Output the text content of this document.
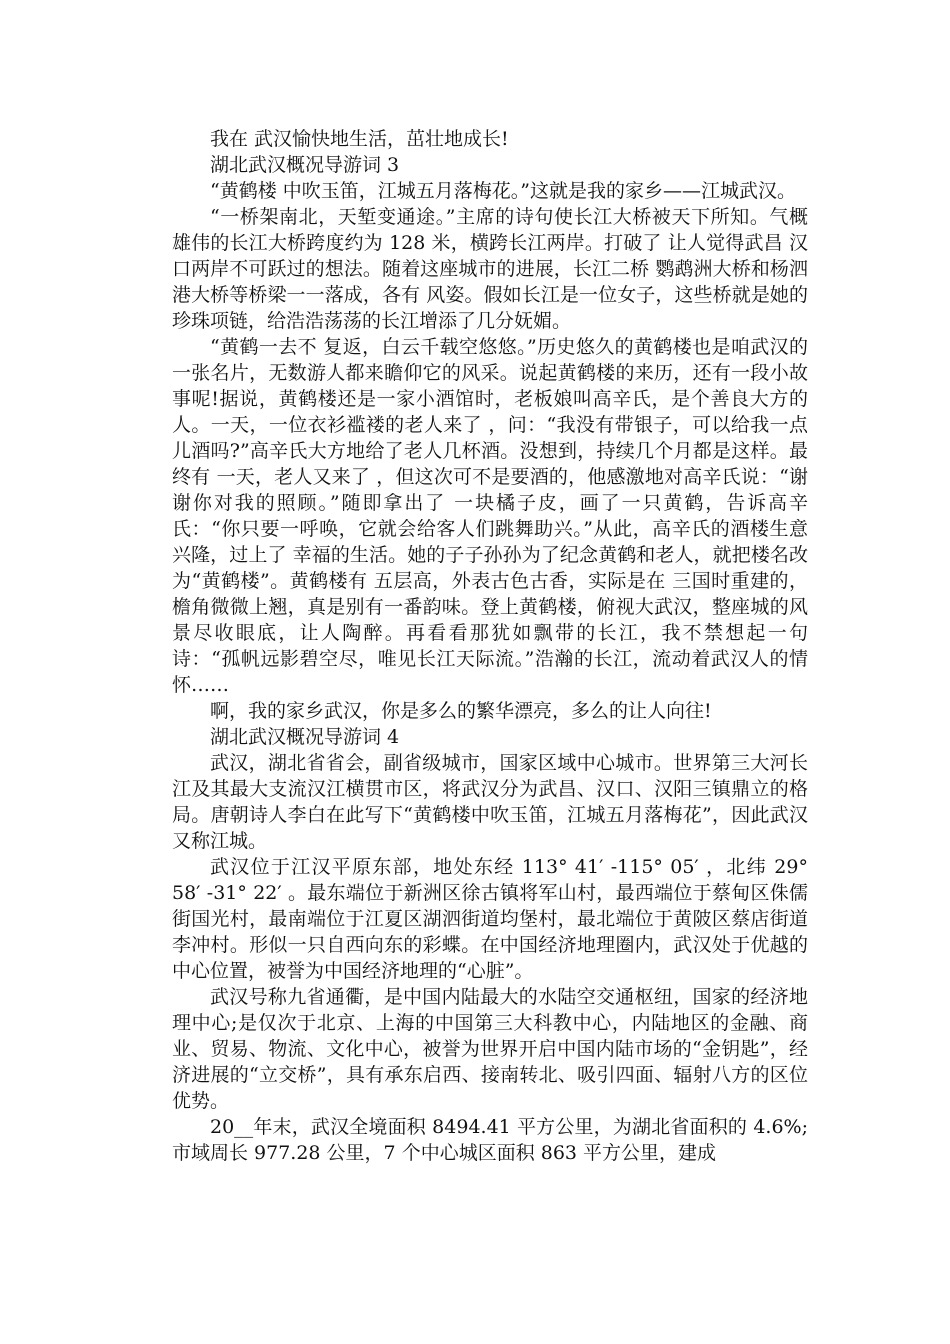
我在 武汉愉快地生活，茁壮地成长!

湖北武汉概况导游词 3

“黄鹤楼 中吹玉笛，江城五月落梅花。”这就是我的家乡——江城武汉。

“一桥架南北，天堑变通途。”主席的诗句使长江大桥被天下所知。气概雄伟的长江大桥跨度约为 128 米，横跨长江两岸。打破了 让人觉得武昌 汉口两岸不可跃过的想法。随着这座城市的进展，长江二桥 鹦鹉洲大桥和杨泗港大桥等桥梁一一落成，各有 风姿。假如长江是一位女子，这些桥就是她的珍珠项链，给浩浩荡荡的长江增添了几分妩媚。

“黄鹤一去不 复返，白云千载空悠悠。”历史悠久的黄鹤楼也是咱武汉的一张名片，无数游人都来瞻仰它的风采。说起黄鹤楼的来历，还有一段小故事呢!据说，黄鹤楼还是一家小酒馆时，老板娘叫高辛氏，是个善良大方的人。一天，一位衣衫褴褛的老人来了 ，问：“我没有带银子，可以给我一点儿酒吗?”高辛氏大方地给了老人几杯酒。没想到，持续几个月都是这样。最终有 一天，老人又来了 ，但这次可不是要酒的，他感激地对高辛氏说：“谢谢你对我的照顾。”随即拿出了 一块橘子皮，画了一只黄鹤，告诉高辛氏：“你只要一呼唤，它就会给客人们跳舞助兴。”从此，高辛氏的酒楼生意兴隆，过上了 幸福的生活。她的子子孙孙为了纪念黄鹤和老人，就把楼名改为“黄鹤楼”。黄鹤楼有 五层高，外表古色古香，实际是在 三国时重建的，檐角微微上翘，真是别有一番韵味。登上黄鹤楼，俯视大武汉，整座城的风景尽收眼底，让人陶醉。再看看那犹如飘带的长江，我不禁想起一句诗：“孤帆远影碧空尽，唯见长江天际流。”浩瀚的长江，流动着武汉人的情怀……

啊，我的家乡武汉，你是多么的繁华漂亮，多么的让人向往!

湖北武汉概况导游词 4

武汉，湖北省省会，副省级城市，国家区域中心城市。世界第三大河长江及其最大支流汉江横贯市区，将武汉分为武昌、汉口、汉阳三镇鼎立的格局。唐朝诗人李白在此写下“黄鹤楼中吹玉笛，江城五月落梅花”，因此武汉又称江城。

武汉位于江汉平原东部，地处东经 113° 41′ -115° 05′ ，北纬 29° 58′ -31° 22′ 。最东端位于新洲区徐古镇将军山村，最西端位于蔡甸区侏儒街国光村，最南端位于江夏区湖泗街道均堡村，最北端位于黄陂区蔡店街道李冲村。形似一只自西向东的彩蝶。在中国经济地理圈内，武汉处于优越的中心位置，被誉为中国经济地理的“心脏”。

武汉号称九省通衢，是中国内陆最大的水陆空交通枢纽，国家的经济地理中心;是仅次于北京、上海的中国第三大科教中心，内陆地区的金融、商业、贸易、物流、文化中心，被誉为世界开启中国内陆市场的“金钥匙”，经济进展的“立交桥”，具有承东启西、接南转北、吸引四面、辐射八方的区位优势。

20__年末，武汉全境面积 8494.41 平方公里，为湖北省面积的 4.6%;市域周长 977.28 公里，7 个中心城区面积 863 平方公里，建成
